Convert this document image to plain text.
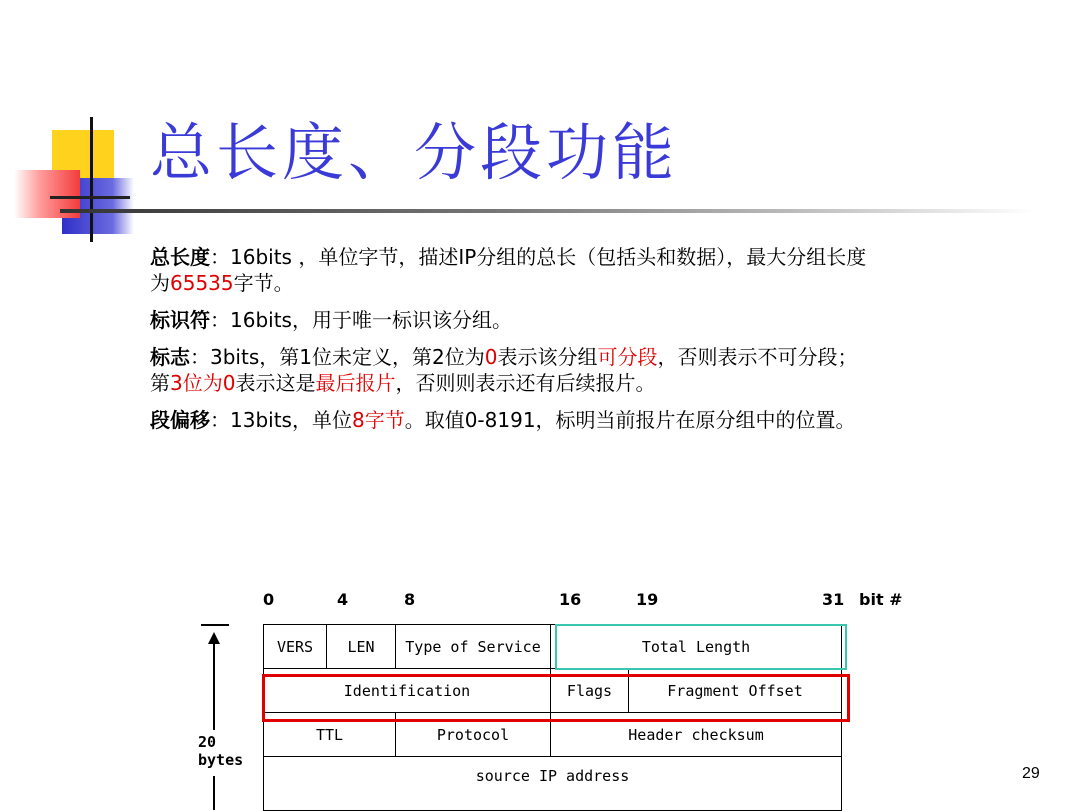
总长度、分段功能

总长度：16bits ，单位字节，描述IP分组的总长（包括头和数据），最大分组长度为65535字节。

标识符：16bits，用于唯一标识该分组。

标志：3bits，第1位未定义，第2位为0表示该分组可分段，否则表示不可分段；第3位为0表示这是最后报片，否则则表示还有后续报片。

段偏移：13bits，单位8字节。取值0-8191，标明当前报片在原分组中的位置。

0	4	8	16	19	31 bit #
VERS	LEN	Type of Service	Total Length	
Identification			Flags	Fragment Offset
TTL		Protocol	Header checksum	
source IP address				
20
bytes
29
